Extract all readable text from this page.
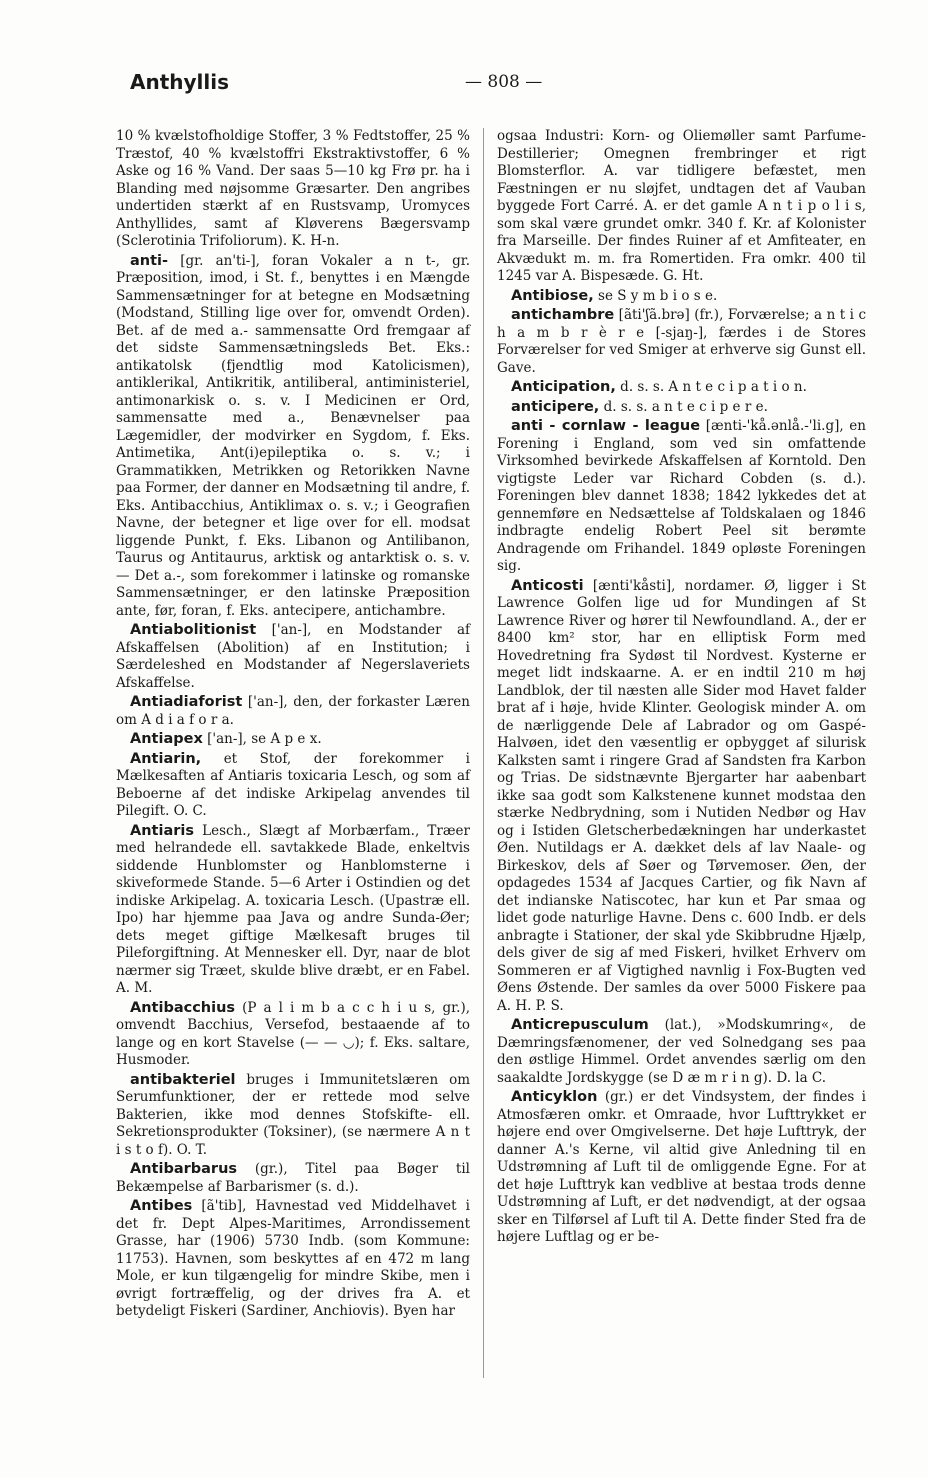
Anthyllis	— 808 —

10 % kvælstofholdige Stoffer, 3 % Fedtstoffer, 25 % Træstof, 40 % kvælstoffri Ekstraktivstoffer, 6 % Aske og 16 % Vand. Der saas 5—10 kg Frø pr. ha i Blanding med nøjsomme Græsarter. Den angribes undertiden stærkt af en Rustsvamp, Uromyces Anthyllides, samt af Kløverens Bægersvamp (Sclerotinia Trifoliorum). K. H-n.

anti- [gr. an'ti-], foran Vokaler a n t-, gr. Præposition, imod, i St. f., benyttes i en Mængde Sammensætninger for at betegne en Modsætning (Modstand, Stilling lige over for, omvendt Orden). Bet. af de med a.- sammensatte Ord fremgaar af det sidste Sammensætningsleds Bet. Eks.: antikatolsk (fjendtlig mod Katolicismen), antiklerikal, Antikritik, antiliberal, antiministeriel, antimonarkisk o. s. v. I Medicinen er Ord, sammensatte med a., Benævnelser paa Lægemidler, der modvirker en Sygdom, f. Eks. Antimetika, Ant(i)epileptika o. s. v.; i Grammatikken, Metrikken og Retorikken Navne paa Former, der danner en Modsætning til andre, f. Eks. Antibacchius, Antiklimax o. s. v.; i Geografien Navne, der betegner et lige over for ell. modsat liggende Punkt, f. Eks. Libanon og Antilibanon, Taurus og Antitaurus, arktisk og antarktisk o. s. v. — Det a.-, som forekommer i latinske og romanske Sammensætninger, er den latinske Præposition ante, før, foran, f. Eks. antecipere, antichambre.

Antiabolitionist ['an-], en Modstander af Afskaffelsen (Abolition) af en Institution; i Særdeleshed en Modstander af Negerslaveriets Afskaffelse.

Antiadiaforist ['an-], den, der forkaster Læren om A d i a f o r a.

Antiapex ['an-], se A p e x.

Antiarin, et Stof, der forekommer i Mælkesaften af Antiaris toxicaria Lesch, og som af Beboerne af det indiske Arkipelag anvendes til Pilegift. O. C.

Antiaris Lesch., Slægt af Morbærfam., Træer med helrandede ell. savtakkede Blade, enkeltvis siddende Hunblomster og Hanblomsterne i skiveformede Stande. 5—6 Arter i Ostindien og det indiske Arkipelag. A. toxicaria Lesch. (Upastræ ell. Ipo) har hjemme paa Java og andre Sunda-Øer; dets meget giftige Mælkesaft bruges til Pileforgiftning. At Mennesker ell. Dyr, naar de blot nærmer sig Træet, skulde blive dræbt, er en Fabel. A. M.

Antibacchius (P a l i m b a c c h i u s, gr.), omvendt Bacchius, Versefod, bestaaende af to lange og en kort Stavelse (— — ◡); f. Eks. saltare, Husmoder.

antibakteriel bruges i Immunitetslæren om Serumfunktioner, der er rettede mod selve Bakterien, ikke mod dennes Stofskifte- ell. Sekretionsprodukter (Toksiner), (se nærmere A n t i s t o f). O. T.

Antibarbarus (gr.), Titel paa Bøger til Bekæmpelse af Barbarismer (s. d.).

Antibes [ã'tib], Havnestad ved Middelhavet i det fr. Dept Alpes-Maritimes, Arrondissement Grasse, har (1906) 5730 Indb. (som Kommune: 11753). Havnen, som beskyttes af en 472 m lang Mole, er kun tilgængelig for mindre Skibe, men i øvrigt fortræffelig, og der drives fra A. et betydeligt Fiskeri (Sardiner, Anchiovis). Byen har

ogsaa Industri: Korn- og Oliemøller samt Parfume-Destillerier; Omegnen frembringer et rigt Blomsterflor. A. var tidligere befæstet, men Fæstningen er nu sløjfet, undtagen det af Vauban byggede Fort Carré. A. er det gamle A n t i p o l i s, som skal være grundet omkr. 340 f. Kr. af Kolonister fra Marseille. Der findes Ruiner af et Amfiteater, en Akvædukt m. m. fra Romertiden. Fra omkr. 400 til 1245 var A. Bispesæde. G. Ht.

Antibiose, se S y m b i o s e.

antichambre [ãti'ʃã.brə] (fr.), Forværelse; a n t i c h a m b r è r e [-sjaŋ-], færdes i de Stores Forværelser for ved Smiger at erhverve sig Gunst ell. Gave.

Anticipation, d. s. s. A n t e c i p a t i o n.

anticipere, d. s. s. a n t e c i p e r e.

anti - cornlaw - league [ænti-'kå.ənlå.-'li.g], en Forening i England, som ved sin omfattende Virksomhed bevirkede Afskaffelsen af Korntold. Den vigtigste Leder var Richard Cobden (s. d.). Foreningen blev dannet 1838; 1842 lykkedes det at gennemføre en Nedsættelse af Toldskalaen og 1846 indbragte endelig Robert Peel sit berømte Andragende om Frihandel. 1849 opløste Foreningen sig.

Anticosti [ænti'kåsti], nordamer. Ø, ligger i St Lawrence Golfen lige ud for Mundingen af St Lawrence River og hører til Newfoundland. A., der er 8400 km² stor, har en elliptisk Form med Hovedretning fra Sydøst til Nordvest. Kysterne er meget lidt indskaarne. A. er en indtil 210 m høj Landblok, der til næsten alle Sider mod Havet falder brat af i høje, hvide Klinter. Geologisk minder A. om de nærliggende Dele af Labrador og om Gaspé-Halvøen, idet den væsentlig er opbygget af silurisk Kalksten samt i ringere Grad af Sandsten fra Karbon og Trias. De sidstnævnte Bjergarter har aabenbart ikke saa godt som Kalkstenene kunnet modstaa den stærke Nedbrydning, som i Nutiden Nedbør og Hav og i Istiden Gletscherbedækningen har underkastet Øen. Nutildags er A. dækket dels af lav Naale- og Birkeskov, dels af Søer og Tørvemoser. Øen, der opdagedes 1534 af Jacques Cartier, og fik Navn af det indianske Natiscotec, har kun et Par smaa og lidet gode naturlige Havne. Dens c. 600 Indb. er dels anbragte i Stationer, der skal yde Skibbrudne Hjælp, dels giver de sig af med Fiskeri, hvilket Erhverv om Sommeren er af Vigtighed navnlig i Fox-Bugten ved Øens Østende. Der samles da over 5000 Fiskere paa A. H. P. S.

Anticrepusculum (lat.), »Modskumring«, de Dæmringsfænomener, der ved Solnedgang ses paa den østlige Himmel. Ordet anvendes særlig om den saakaldte Jordskygge (se D æ m r i n g). D. la C.

Anticyklon (gr.) er det Vindsystem, der findes i Atmosfæren omkr. et Omraade, hvor Lufttrykket er højere end over Omgivelserne. Det høje Lufttryk, der danner A.'s Kerne, vil altid give Anledning til en Udstrømning af Luft til de omliggende Egne. For at det høje Lufttryk kan vedblive at bestaa trods denne Udstrømning af Luft, er det nødvendigt, at der ogsaa sker en Tilførsel af Luft til A. Dette finder Sted fra de højere Luftlag og er be-
